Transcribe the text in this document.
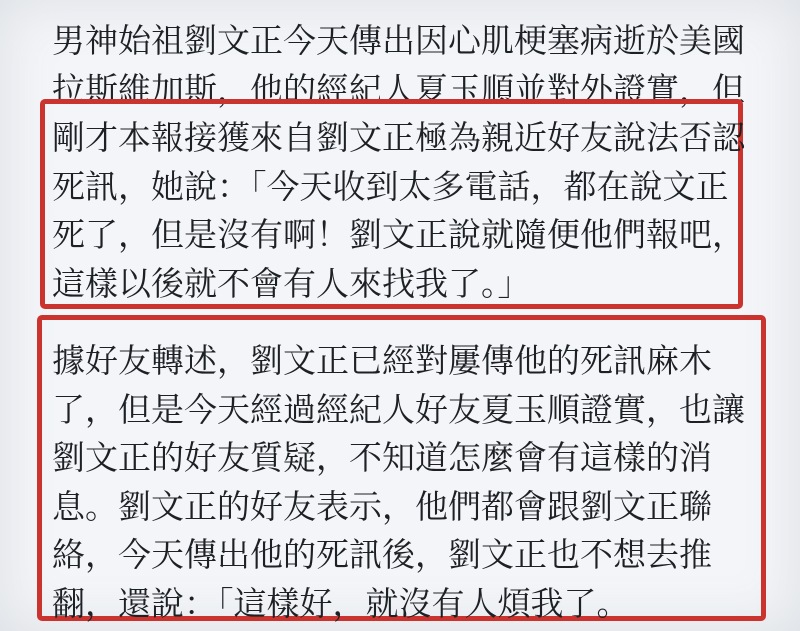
男神始祖劉文正今天傳出因心肌梗塞病逝於美國
拉斯維加斯，他的經紀人夏玉順並對外證實，但
剛才本報接獲來自劉文正極為親近好友說法否認
死訊，她說：「今天收到太多電話，都在說文正
死了，但是沒有啊！劉文正說就隨便他們報吧，
這樣以後就不會有人來找我了。」
據好友轉述，劉文正已經對屢傳他的死訊麻木
了，但是今天經過經紀人好友夏玉順證實，也讓
劉文正的好友質疑，不知道怎麼會有這樣的消
息。劉文正的好友表示，他們都會跟劉文正聯
絡，今天傳出他的死訊後，劉文正也不想去推
翻，還說：「這樣好，就沒有人煩我了。
